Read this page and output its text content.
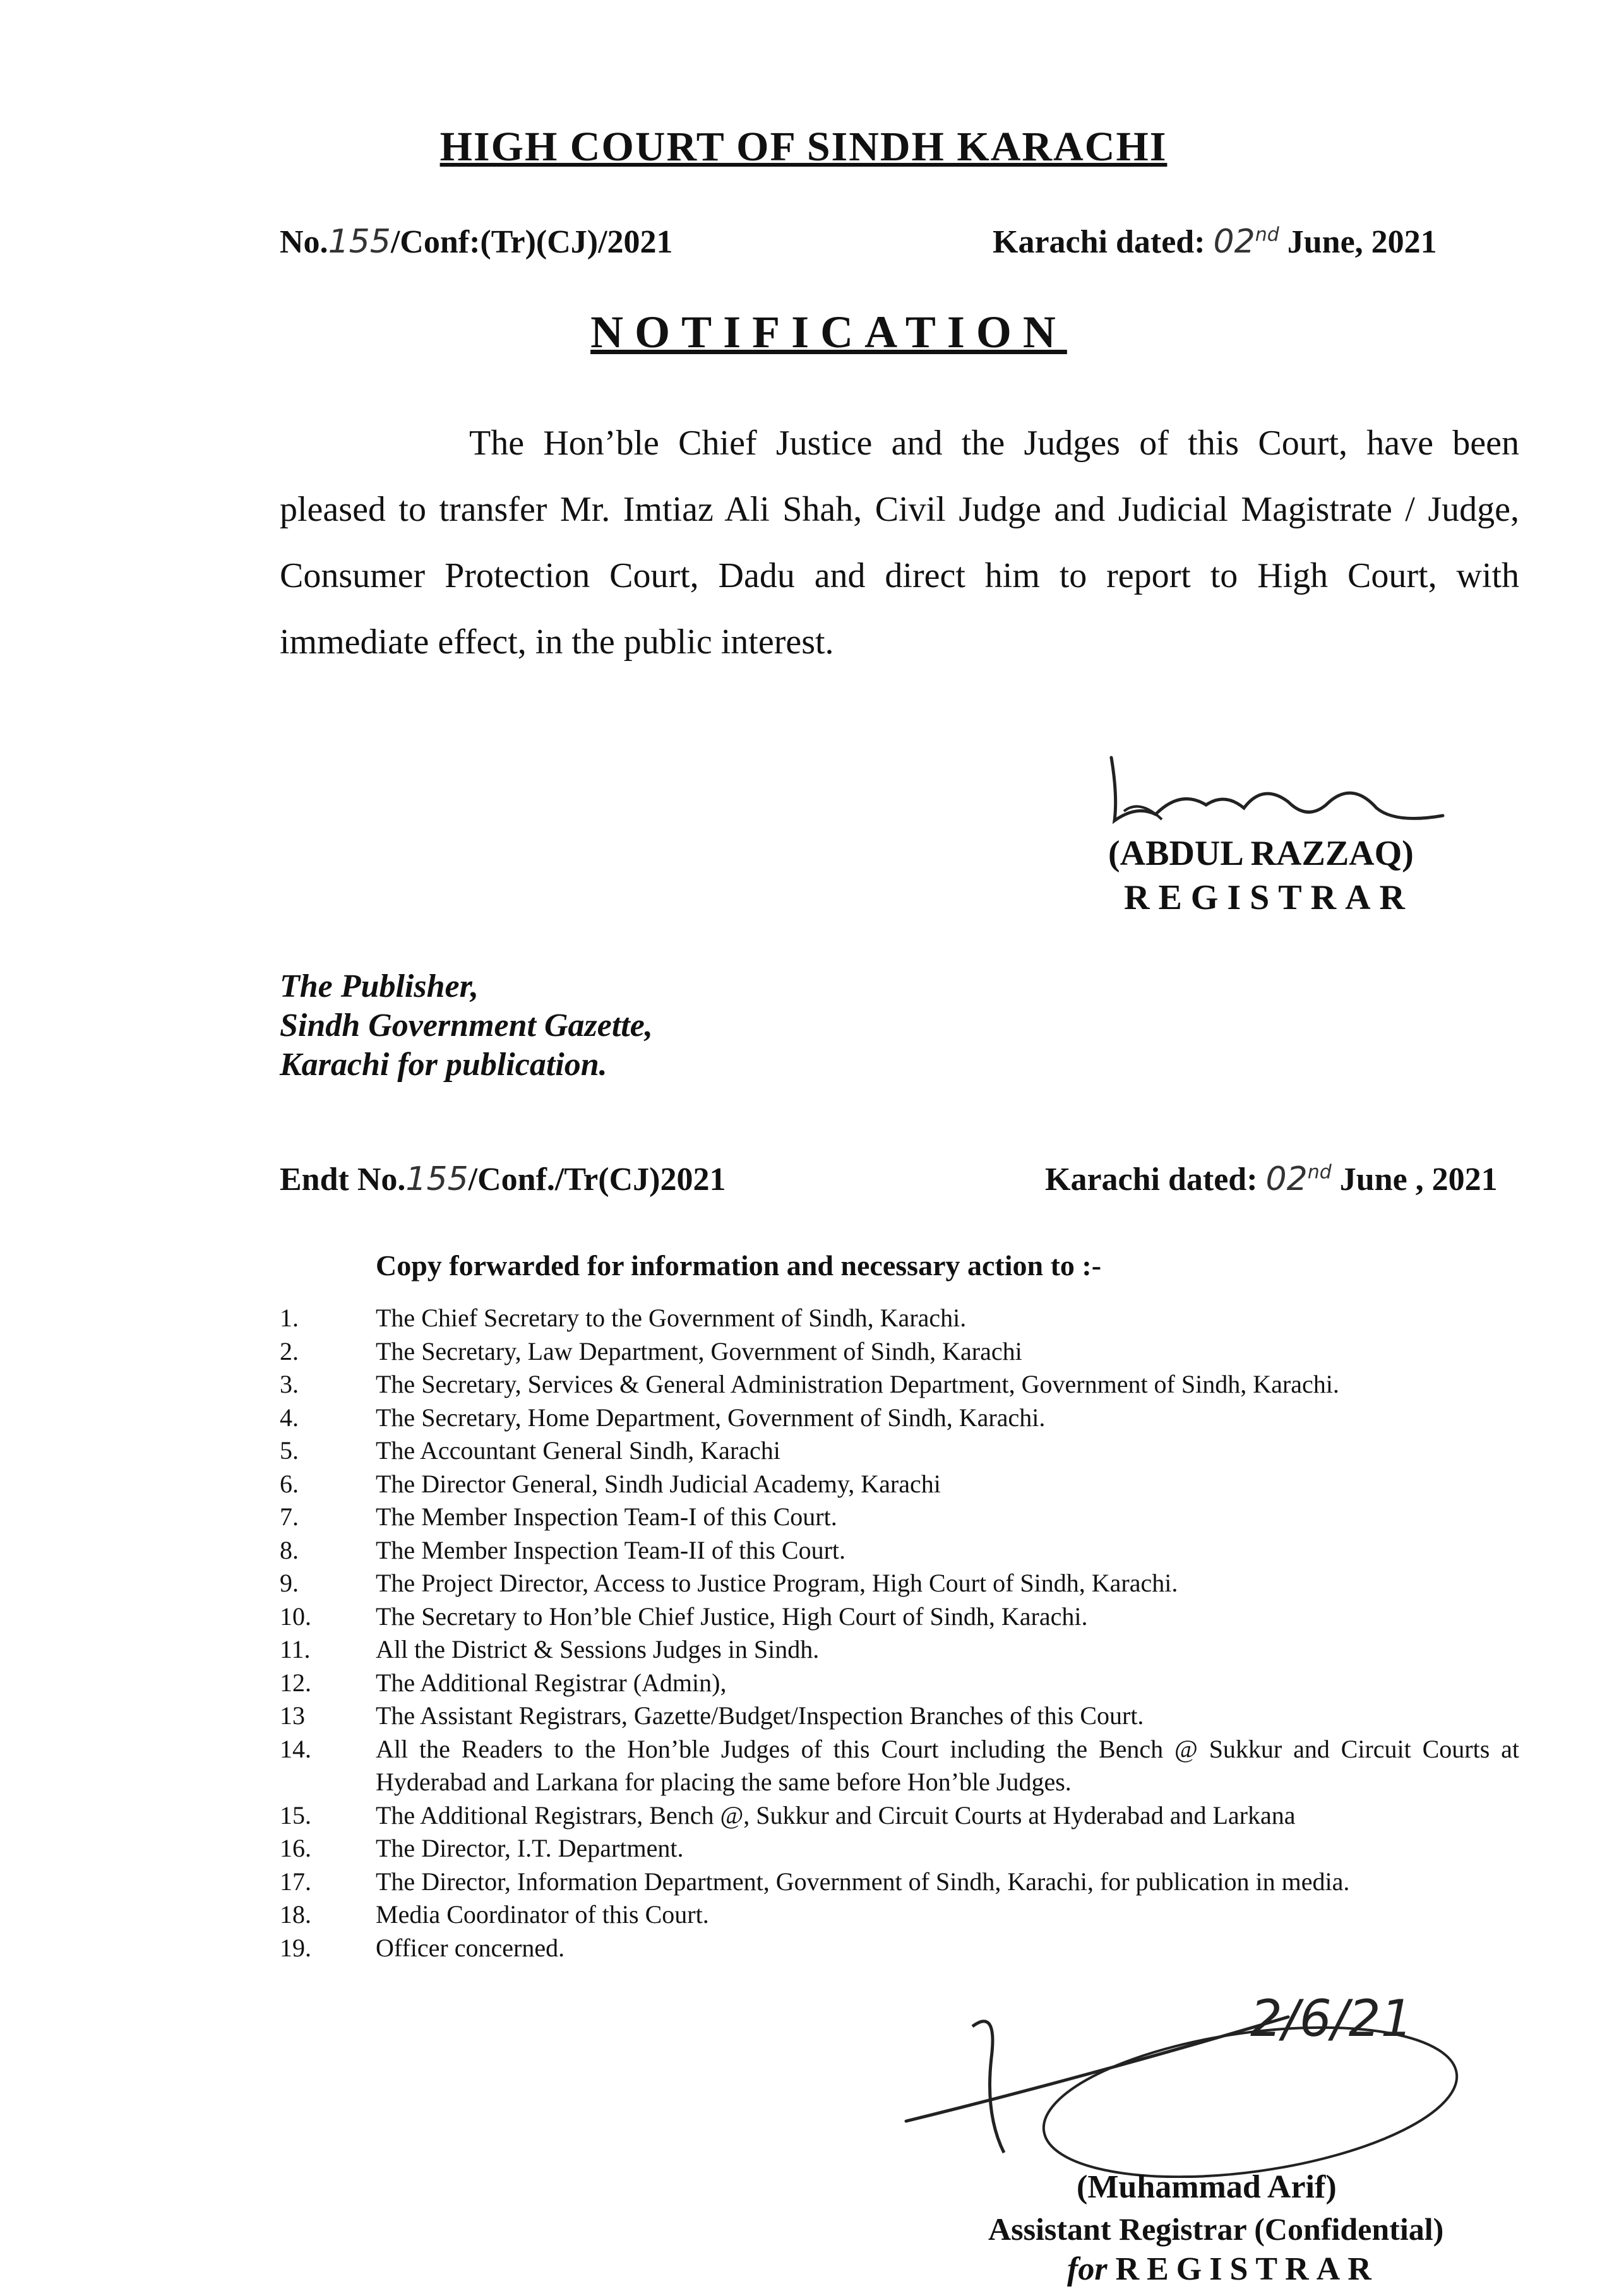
HIGH COURT OF SINDH KARACHI
No.155/Conf:(Tr)(CJ)/2021	Karachi dated: 02nd June, 2021
NOTIFICATION
The Hon’ble Chief Justice and the Judges of this Court, have been pleased to transfer Mr. Imtiaz Ali Shah, Civil Judge and Judicial Magistrate / Judge, Consumer Protection Court, Dadu and direct him to report to High Court, with immediate effect, in the public interest.
(ABDUL RAZZAQ)
REGISTRAR
The Publisher,
Sindh Government Gazette,
Karachi for publication.
Endt No.155/Conf./Tr(CJ)2021	Karachi dated: 02nd June , 2021
Copy forwarded for information and necessary action to :-
1.	The Chief Secretary to the Government of Sindh, Karachi.
2.	The Secretary, Law Department, Government of Sindh, Karachi
3.	The Secretary, Services & General Administration Department, Government of Sindh, Karachi.
4.	The Secretary, Home Department, Government of Sindh, Karachi.
5.	The Accountant General Sindh, Karachi
6.	The Director General, Sindh Judicial Academy, Karachi
7.	The Member Inspection Team-I of this Court.
8.	The Member Inspection Team-II of this Court.
9.	The Project Director, Access to Justice Program, High Court of Sindh, Karachi.
10.	The Secretary to Hon’ble Chief Justice, High Court of Sindh, Karachi.
11.	All the District & Sessions Judges in Sindh.
12.	The Additional Registrar (Admin),
13	The Assistant Registrars, Gazette/Budget/Inspection Branches of this Court.
14.	All the Readers to the Hon’ble Judges of this Court including the Bench @ Sukkur and Circuit Courts at Hyderabad and Larkana for placing the same before Hon’ble Judges.
15.	The Additional Registrars, Bench @, Sukkur and Circuit Courts at Hyderabad and Larkana
16.	The Director, I.T. Department.
17.	The Director, Information Department, Government of Sindh, Karachi, for publication in media.
18.	Media Coordinator of this Court.
19.	Officer concerned.
2/6/21
(Muhammad Arif)
Assistant Registrar (Confidential)
for REGISTRAR
